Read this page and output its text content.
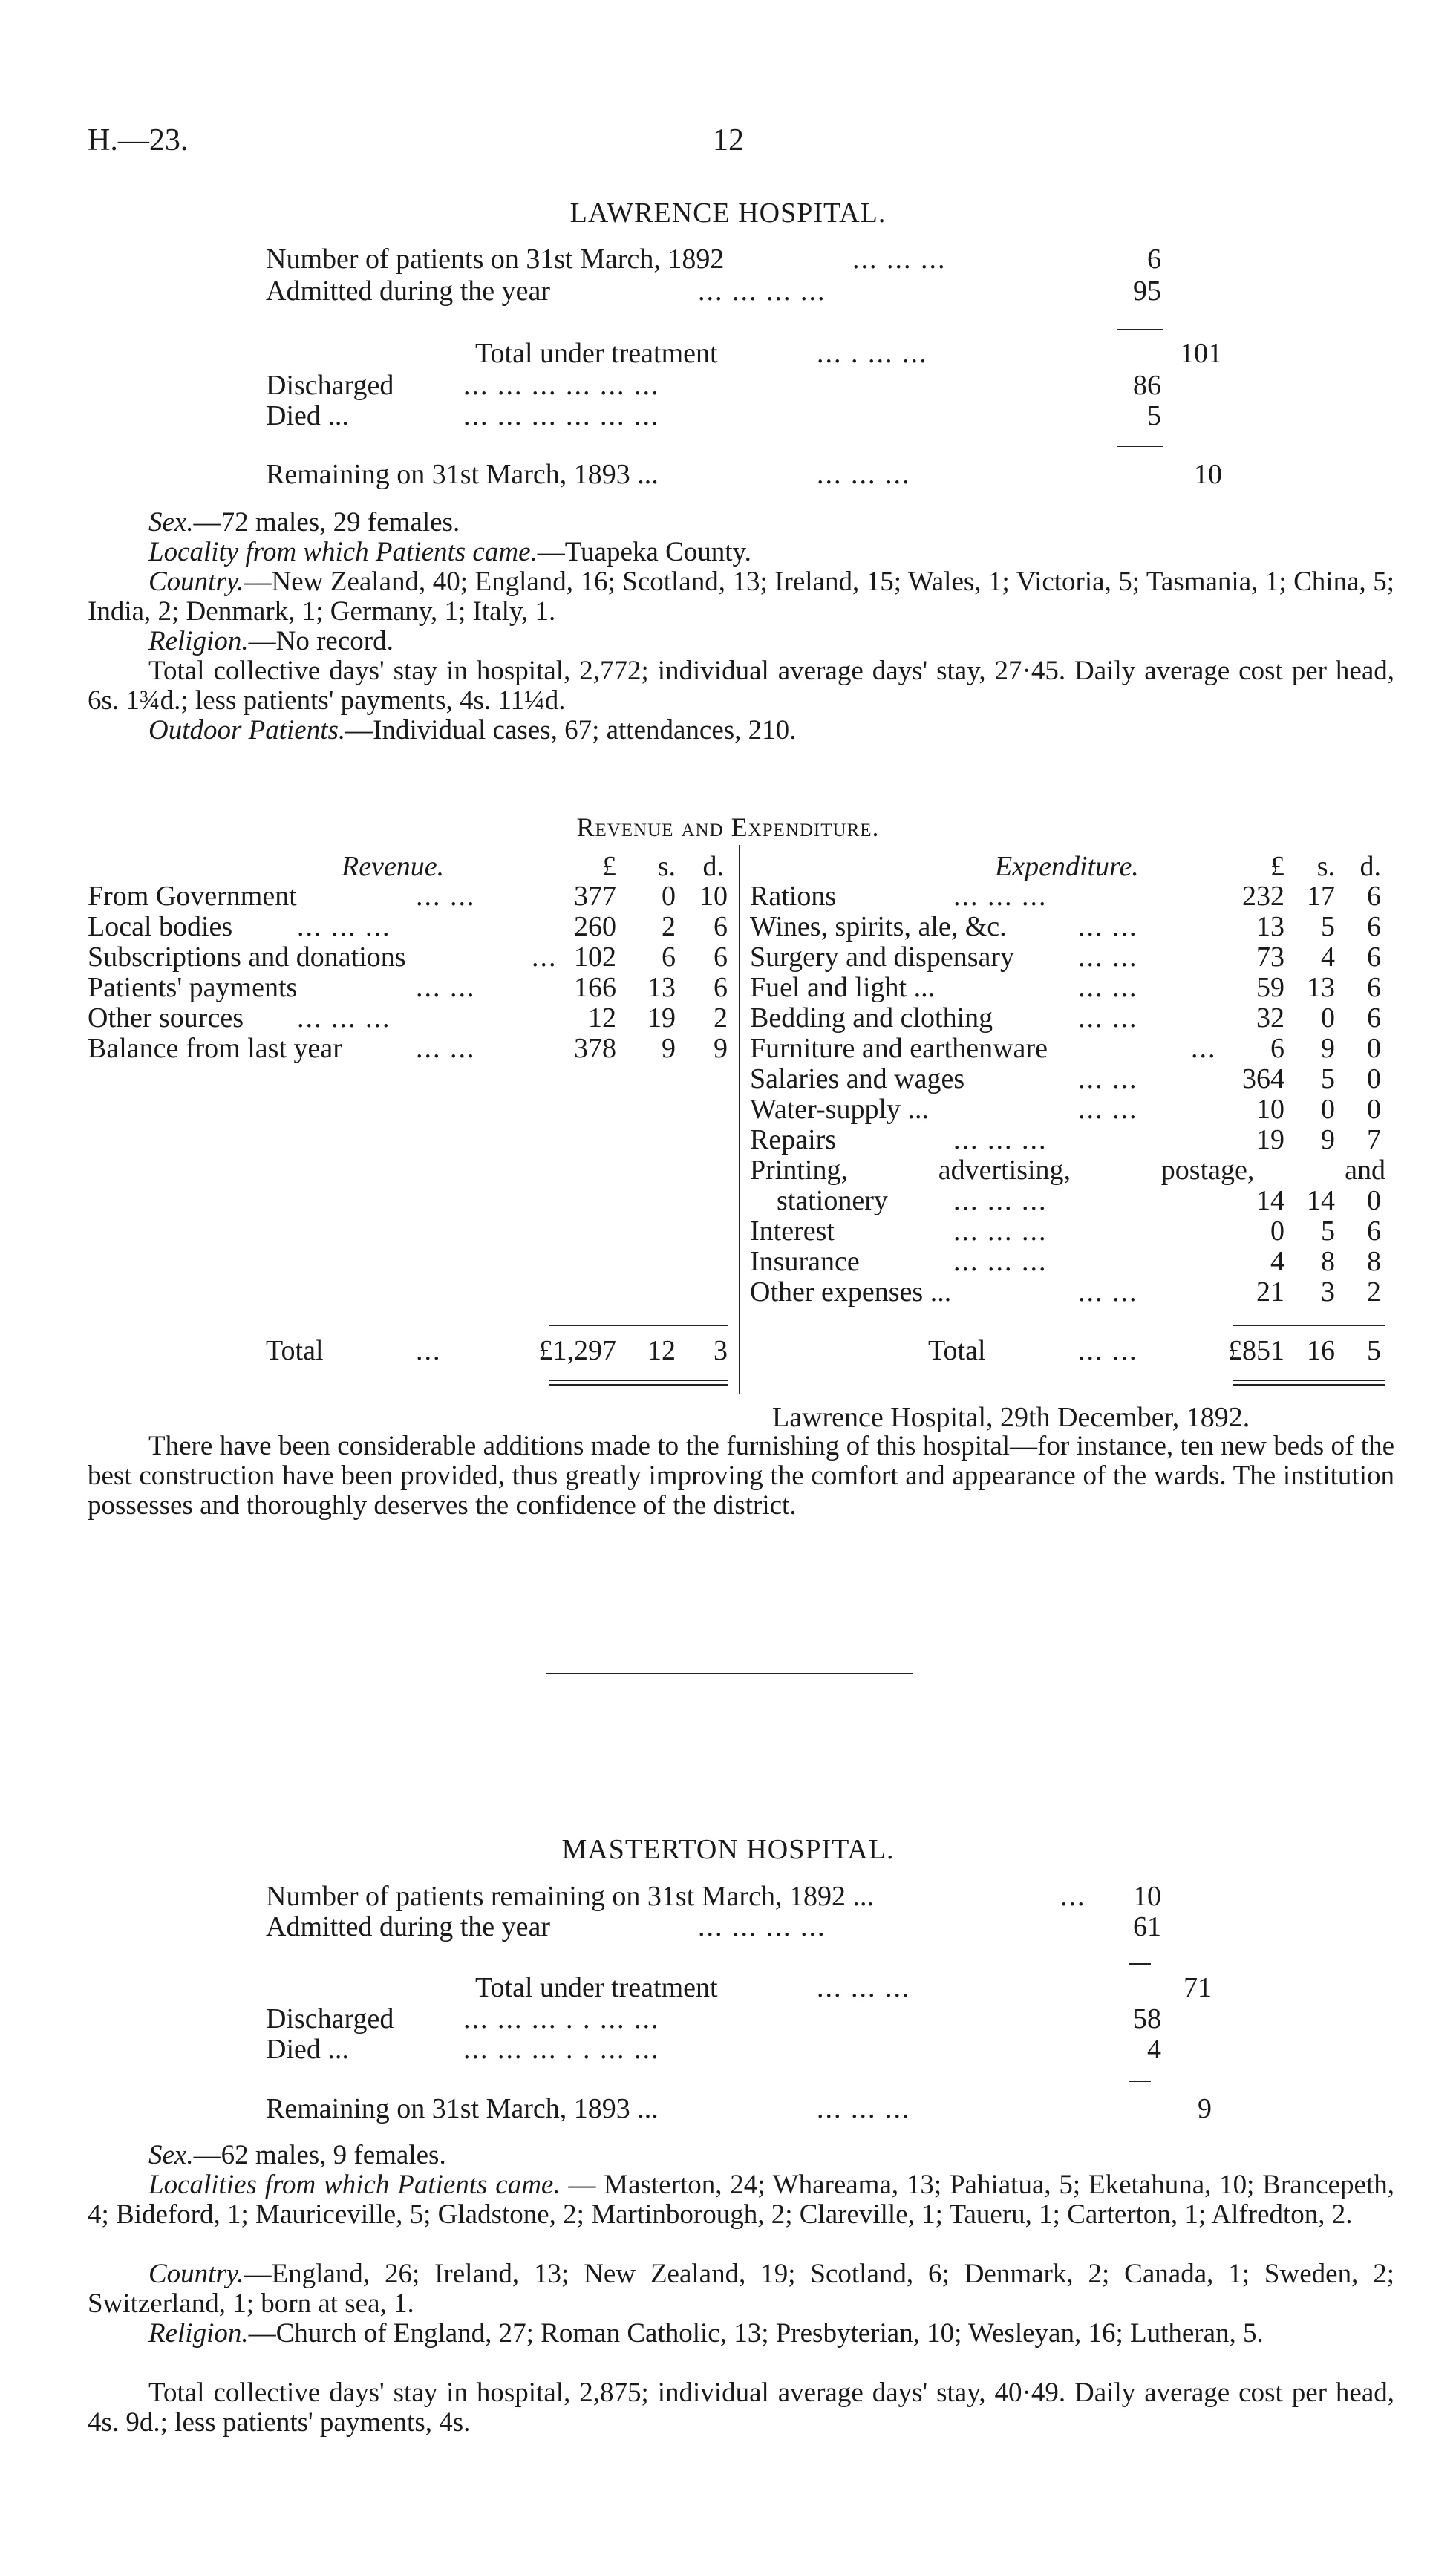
H.—23.	12
LAWRENCE HOSPITAL.
Number of patients on 31st March, 1892	... ... ...	6
Admitted during the year	... ... ... ...	95
Total under treatment	... . ... ...	101
Discharged ... ... ... ... ... ...	86
Died ...	... ... ... ... ... ...	5
Remaining on 31st March, 1893 ...	... ... ...	10
Sex.—72 males, 29 females.
Locality from which Patients came.—Tuapeka County.
Country.—New Zealand, 40; England, 16; Scotland, 13; Ireland, 15; Wales, 1; Victoria, 5; Tasmania, 1; China, 5; India, 2; Denmark, 1; Germany, 1; Italy, 1.
Religion.—No record.
Total collective days' stay in hospital, 2,772; individual average days' stay, 27·45. Daily average cost per head, 6s. 1¾d.; less patients' payments, 4s. 11¼d.
Outdoor Patients.—Individual cases, 67; attendances, 210.
Revenue and Expenditure.
Revenue.	£	s. d.
From Government	... ...	377	0 10
Local bodies ... ... ...	260	2	6
Subscriptions and donations	... 102	6	6
Patients' payments	... ...	166	13	6
Other sources ... ... ...	12	19	2
Balance from last year	... ...	378	9	9
Total	...	£1,297	12	3
Expenditure.	£	s. d.
Rations	... ... ...	232 17	6
Wines, spirits, ale, &c.	... ...	13	5	6
Surgery and dispensary ... ...	73	4	6
Fuel and light ...	... ...	59 13	6
Bedding and clothing	... ...	32	0	6
Furniture and earthenware	...	6	9	0
Salaries and wages	... ...	364	5	0
Water-supply ...	... ...	10	0	0
Repairs	... ... ...	19	9	7
Printing, advertising, postage, and
stationery ... ... ...	14 14	0
Interest	... ... ...	0	5	6
Insurance	... ... ...	4	8	8
Other expenses ...	... ...	21	3	2
Total	... ...	£851 16	5
Lawrence Hospital, 29th December, 1892.
There have been considerable additions made to the furnishing of this hospital—for instance, ten new beds of the best construction have been provided, thus greatly improving the comfort and appearance of the wards. The institution possesses and thoroughly deserves the confidence of the district.
MASTERTON HOSPITAL.
Number of patients remaining on 31st March, 1892 ...	...	10
Admitted during the year	... ... ... ...	61
Total under treatment	... ... ...	71
Discharged ... ... ... . . ... ...	58
Died ...	... ... ... . . ... ...	4
Remaining on 31st March, 1893 ...	... ... ...	9
Sex.—62 males, 9 females.
Localities from which Patients came. — Masterton, 24; Whareama, 13; Pahiatua, 5; Eketahuna, 10; Brancepeth, 4; Bideford, 1; Mauriceville, 5; Gladstone, 2; Martinborough, 2; Clareville, 1; Taueru, 1; Carterton, 1; Alfredton, 2.
Country.—England, 26; Ireland, 13; New Zealand, 19; Scotland, 6; Denmark, 2; Canada, 1; Sweden, 2; Switzerland, 1; born at sea, 1.
Religion.—Church of England, 27; Roman Catholic, 13; Presbyterian, 10; Wesleyan, 16; Lutheran, 5.
Total collective days' stay in hospital, 2,875; individual average days' stay, 40·49. Daily average cost per head, 4s. 9d.; less patients' payments, 4s.
